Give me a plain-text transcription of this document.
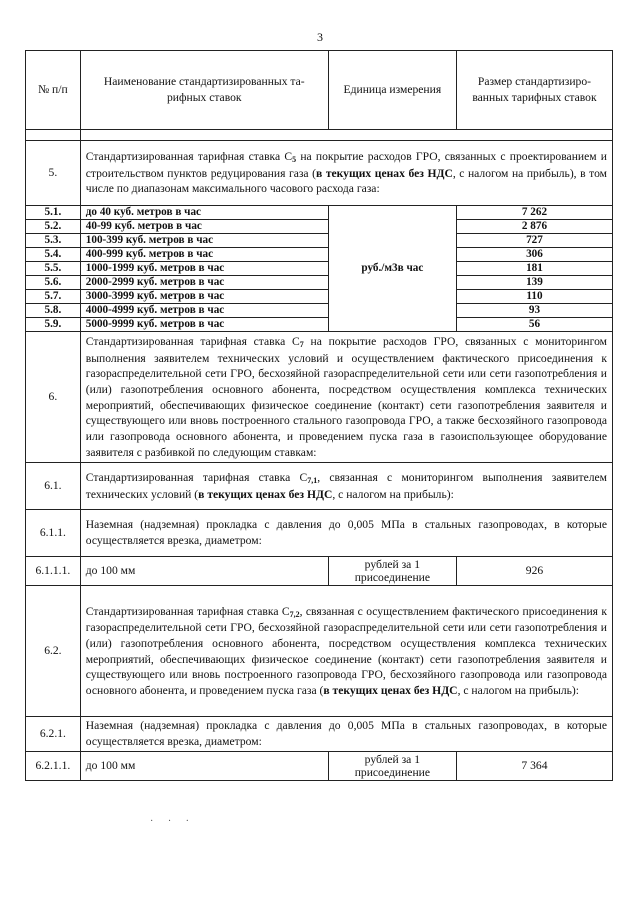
3
№ п/п	Наименование стандартизированных та-рифных ставок	Единица измерения	Размер стандартизиро-ванных тарифных ставок

5.	Стандартизированная тарифная ставка $С_5$ на покрытие расходов ГРО, связанных с проектированием и строительством пунктов редуцирования газа (в текущих ценах без НДС, с налогом на прибыль), в том числе по диапазонам максимального часового расхода газа:		
5.1.	до 40 куб. метров в час	руб./м3в час	7 262
5.2.	40-99 куб. метров в час		2 876
5.3.	100-399 куб. метров в час		727
5.4.	400-999 куб. метров в час		306
5.5.	1000-1999 куб. метров в час		181
5.6.	2000-2999 куб. метров в час		139
5.7.	3000-3999 куб. метров в час		110
5.8.	4000-4999 куб. метров в час		93
5.9.	5000-9999 куб. метров в час		56
6.	Стандартизированная тарифная ставка $С_7$ на покрытие расходов ГРО, связанных с мониторингом выполнения заявителем технических условий и осуществлением фактического присоединения к газораспределительной сети ГРО, бесхозяйной газораспределительной сети или сети газопотребления и (или) газопотребления основного абонента, посредством осуществления комплекса технических мероприятий, обеспечивающих физическое соединение (контакт) сети газопотребления заявителя и существующего или вновь построенного стального газопровода ГРО, а также бесхозяйного газопровода или газопровода основного абонента, и проведением пуска газа в газоиспользующее оборудование заявителя с разбивкой по следующим ставкам:		
6.1.	Стандартизированная тарифная ставка $С_{7,1}$, связанная с мониторингом выполнения заявителем технических условий (в текущих ценах без НДС, с налогом на прибыль):		
6.1.1.	Наземная (надземная) прокладка с давления до 0,005 МПа в стальных газопроводах, в которые осуществляется врезка, диаметром:		
6.1.1.1.	до 100 мм	рублей за 1 присоединение	926
6.2.	Стандартизированная тарифная ставка $С_{7,2}$, связанная с осуществлением фактического присоединения к газораспределительной сети ГРО, бесхозяйной газораспределительной сети или сети газопотребления и (или) газопотребления основного абонента, посредством осуществления комплекса технических мероприятий, обеспечивающих физическое соединение (контакт) сети газопотребления заявителя и существующего или вновь построенного газопровода ГРО, бесхозяйного газопровода или газопровода основного абонента, и проведением пуска газа (в текущих ценах без НДС, с налогом на прибыль):		
6.2.1.	Наземная (надземная) прокладка с давления до 0,005 МПа в стальных газопроводах, в которые осуществляется врезка, диаметром:		
6.2.1.1.	до 100 мм	рублей за 1 присоединение	7 364
· · ·
